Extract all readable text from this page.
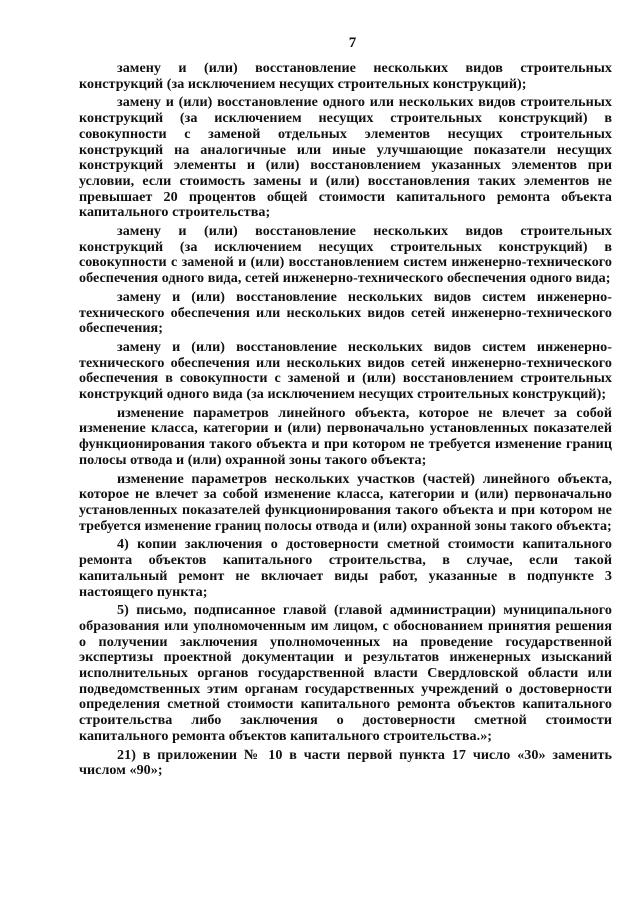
7

замену и (или) восстановление нескольких видов строительных конструкций (за исключением несущих строительных конструкций);

замену и (или) восстановление одного или нескольких видов строительных конструкций (за исключением несущих строительных конструкций) в совокупности с заменой отдельных элементов несущих строительных конструкций на аналогичные или иные улучшающие показатели несущих конструкций элементы и (или) восстановлением указанных элементов при условии, если стоимость замены и (или) восстановления таких элементов не превышает 20 процентов общей стоимости капитального ремонта объекта капитального строительства;

замену и (или) восстановление нескольких видов строительных конструкций (за исключением несущих строительных конструкций) в совокупности с заменой и (или) восстановлением систем инженерно-технического обеспечения одного вида, сетей инженерно-технического обеспечения одного вида;

замену и (или) восстановление нескольких видов систем инженерно-технического обеспечения или нескольких видов сетей инженерно-технического обеспечения;

замену и (или) восстановление нескольких видов систем инженерно-технического обеспечения или нескольких видов сетей инженерно-технического обеспечения в совокупности с заменой и (или) восстановлением строительных конструкций одного вида (за исключением несущих строительных конструкций);

изменение параметров линейного объекта, которое не влечет за собой изменение класса, категории и (или) первоначально установленных показателей функционирования такого объекта и при котором не требуется изменение границ полосы отвода и (или) охранной зоны такого объекта;

изменение параметров нескольких участков (частей) линейного объекта, которое не влечет за собой изменение класса, категории и (или) первоначально установленных показателей функционирования такого объекта и при котором не требуется изменение границ полосы отвода и (или) охранной зоны такого объекта;

4) копии заключения о достоверности сметной стоимости капитального ремонта объектов капитального строительства, в случае, если такой капитальный ремонт не включает виды работ, указанные в подпункте 3 настоящего пункта;

5) письмо, подписанное главой (главой администрации) муниципального образования или уполномоченным им лицом, с обоснованием принятия решения о получении заключения уполномоченных на проведение государственной экспертизы проектной документации и результатов инженерных изысканий исполнительных органов государственной власти Свердловской области или подведомственных этим органам государственных учреждений о достоверности определения сметной стоимости капитального ремонта объектов капитального строительства либо заключения о достоверности сметной стоимости капитального ремонта объектов капитального строительства.»;

21) в приложении № 10 в части первой пункта 17 число «30» заменить числом «90»;
